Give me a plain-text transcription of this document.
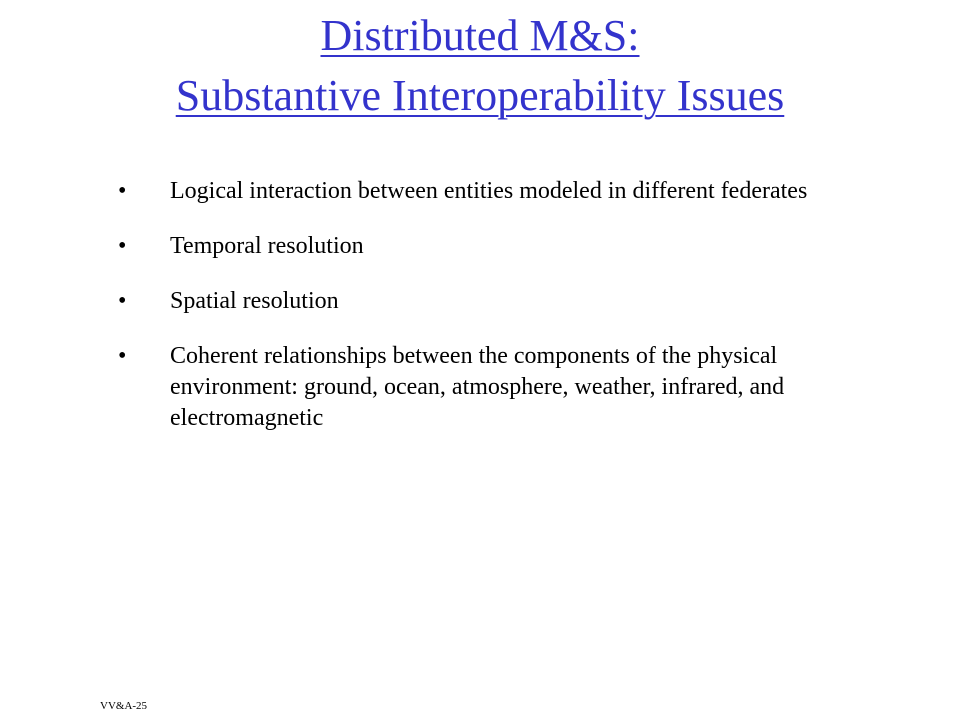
Distributed M&S:
Substantive Interoperability Issues
• Logical interaction between entities modeled in different federates
• Temporal resolution
• Spatial resolution
• Coherent relationships between the components of the physical environment: ground, ocean, atmosphere, weather, infrared, and electromagnetic
VV&A-25
